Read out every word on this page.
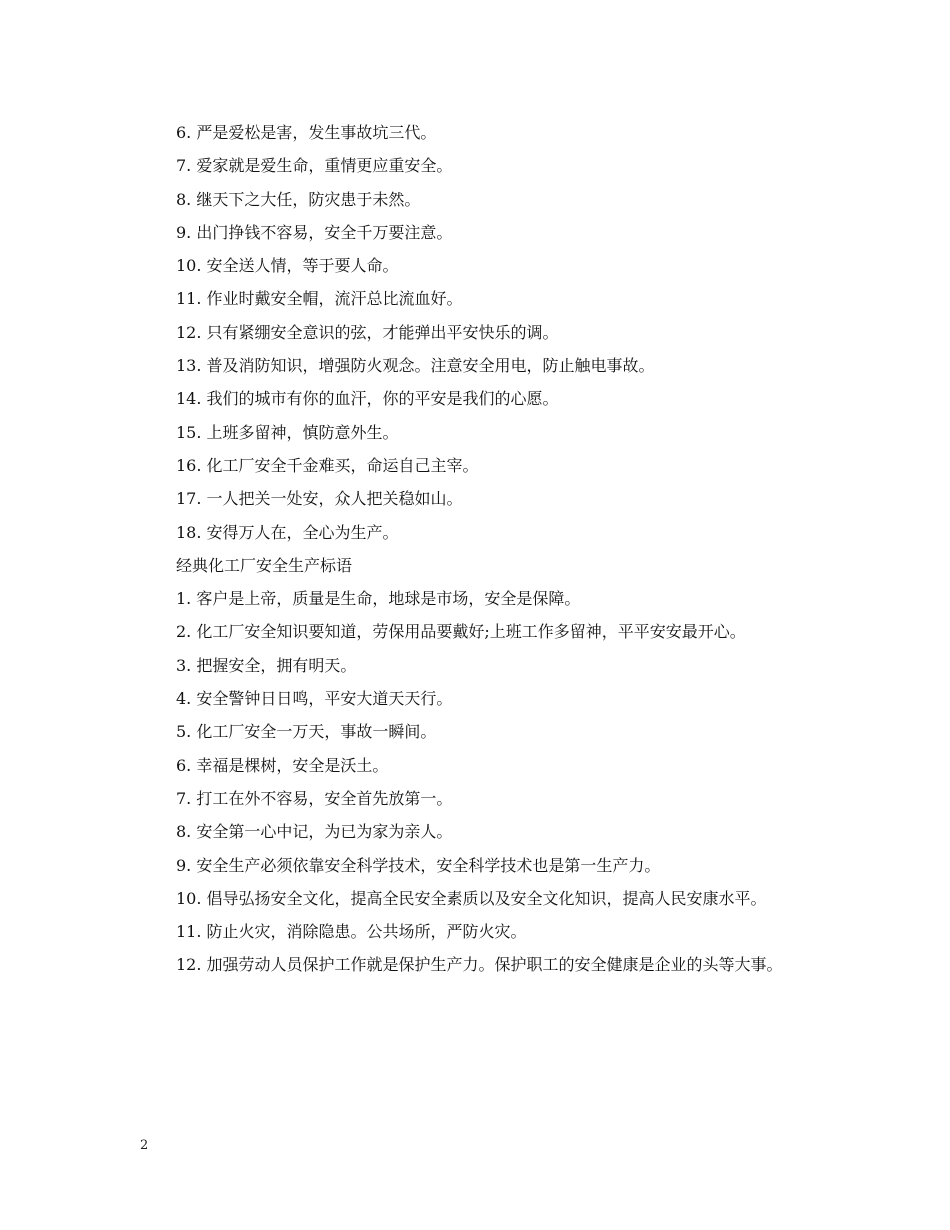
6. 严是爱松是害，发生事故坑三代。

7. 爱家就是爱生命，重情更应重安全。

8. 继天下之大任，防灾患于未然。

9. 出门挣钱不容易，安全千万要注意。

10. 安全送人情，等于要人命。

11. 作业时戴安全帽，流汗总比流血好。

12. 只有紧绷安全意识的弦，才能弹出平安快乐的调。

13. 普及消防知识，增强防火观念。注意安全用电，防止触电事故。

14. 我们的城市有你的血汗，你的平安是我们的心愿。

15. 上班多留神，慎防意外生。

16. 化工厂安全千金难买，命运自己主宰。

17. 一人把关一处安，众人把关稳如山。

18. 安得万人在，全心为生产。

经典化工厂安全生产标语

1. 客户是上帝，质量是生命，地球是市场，安全是保障。

2. 化工厂安全知识要知道，劳保用品要戴好;上班工作多留神，平平安安最开心。

3. 把握安全，拥有明天。

4. 安全警钟日日鸣，平安大道天天行。

5. 化工厂安全一万天，事故一瞬间。

6. 幸福是棵树，安全是沃土。

7. 打工在外不容易，安全首先放第一。

8. 安全第一心中记，为已为家为亲人。

9. 安全生产必须依靠安全科学技术，安全科学技术也是第一生产力。

10. 倡导弘扬安全文化，提高全民安全素质以及安全文化知识，提高人民安康水平。

11. 防止火灾，消除隐患。公共场所，严防火灾。

12. 加强劳动人员保护工作就是保护生产力。保护职工的安全健康是企业的头等大事。

2
